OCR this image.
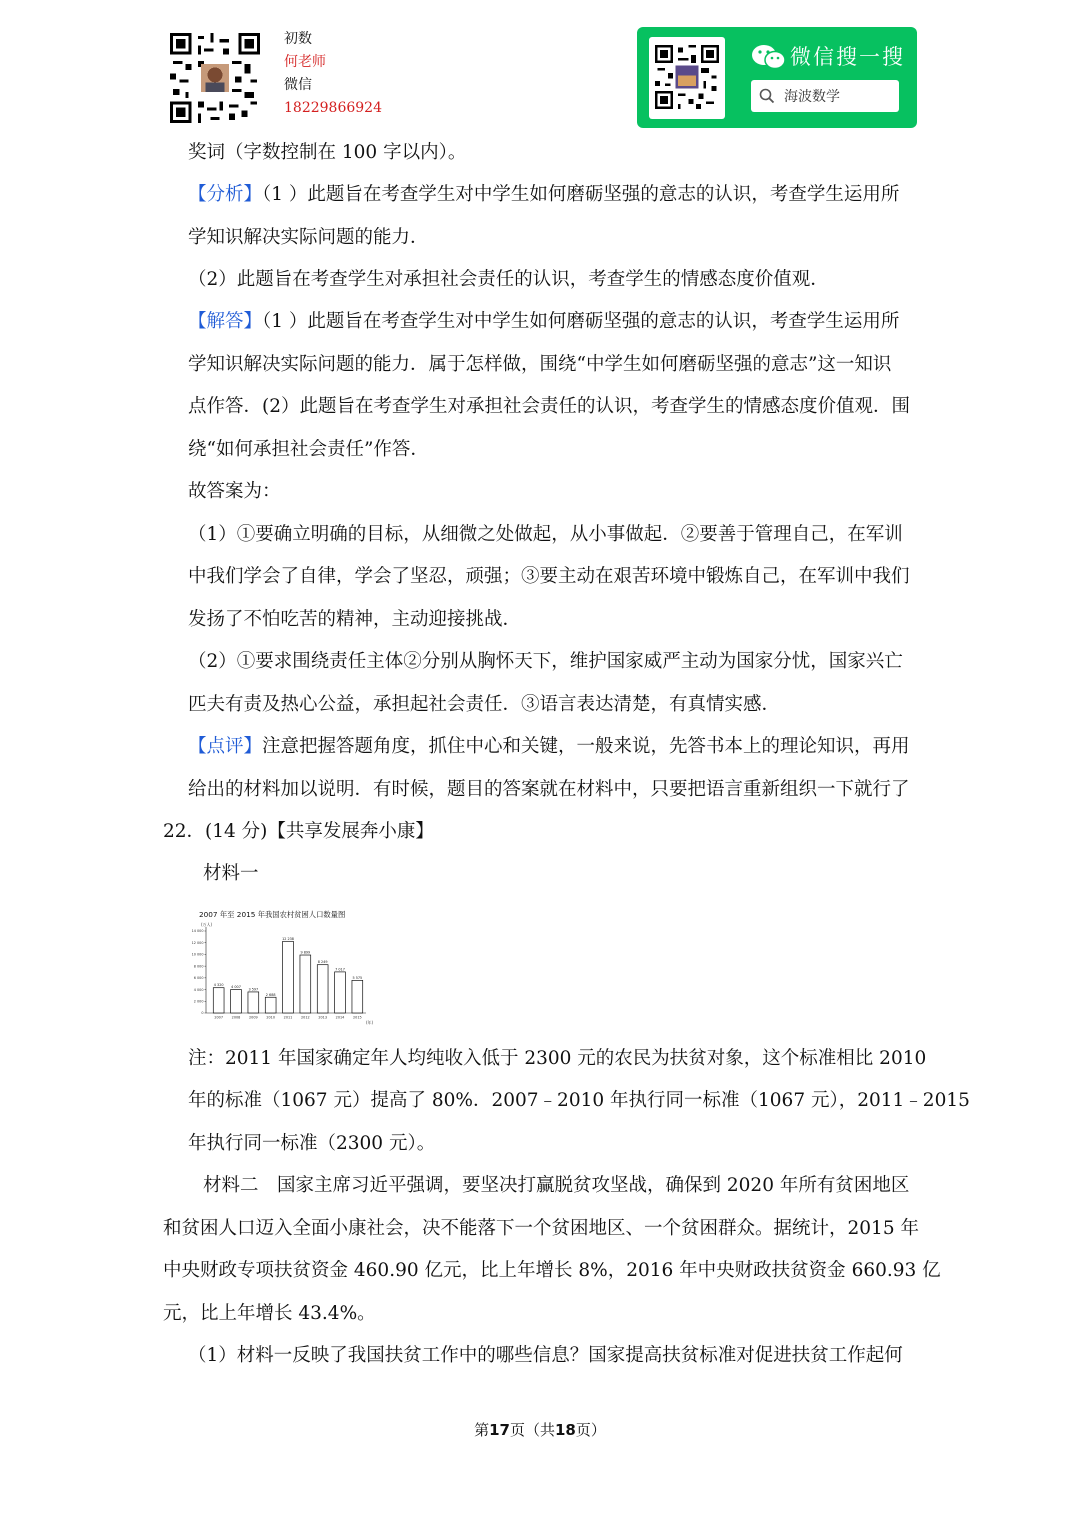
初数
何老师
微信
18229866924
微信搜一搜
海波数学
奖词（字数控制在 100 字以内）。
【分析】（1 ）此题旨在考查学生对中学生如何磨砺坚强的意志的认识，考查学生运用所
学知识解决实际问题的能力．
（2）此题旨在考查学生对承担社会责任的认识，考查学生的情感态度价值观．
【解答】（1 ）此题旨在考查学生对中学生如何磨砺坚强的意志的认识，考查学生运用所
学知识解决实际问题的能力．属于怎样做，围绕“中学生如何磨砺坚强的意志”这一知识
点作答．(2）此题旨在考查学生对承担社会责任的认识，考查学生的情感态度价值观．围
绕“如何承担社会责任”作答．
故答案为：
（1）①要确立明确的目标，从细微之处做起，从小事做起．②要善于管理自己，在军训
中我们学会了自律，学会了坚忍，顽强；③要主动在艰苦环境中锻炼自己，在军训中我们
发扬了不怕吃苦的精神，主动迎接挑战．
（2）①要求围绕责任主体②分别从胸怀天下，维护国家威严主动为国家分忧，国家兴亡
匹夫有责及热心公益，承担起社会责任．③语言表达清楚，有真情实感．
【点评】注意把握答题角度，抓住中心和关键，一般来说，先答书本上的理论知识，再用
给出的材料加以说明．有时候，题目的答案就在材料中，只要把语言重新组织一下就行了
22．(14 分)【共享发展奔小康】
材料一
2007 年至 2015 年我国农村贫困人口数量图
(万人)
(年)
0
2 000
4 000
6 000
8 000
10 000
12 000
14 000
4 320
2007
4 007
2008
3 597
2009
2 688
2010
12 238
2011
9 899
2012
8 249
2013
7 017
2014
5 575
2015
注：2011 年国家确定年人均纯收入低于 2300 元的农民为扶贫对象，这个标准相比 2010
年的标准（1067 元）提高了 80%．2007﹣2010 年执行同一标准（1067 元），2011﹣2015
年执行同一标准（2300 元）。
材料二　国家主席习近平强调，要坚决打赢脱贫攻坚战，确保到 2020 年所有贫困地区
和贫困人口迈入全面小康社会，决不能落下一个贫困地区、一个贫困群众。据统计，2015 年
中央财政专项扶贫资金 460.90 亿元，比上年增长 8%，2016 年中央财政扶贫资金 660.93 亿
元，比上年增长 43.4%。
（1）材料一反映了我国扶贫工作中的哪些信息？国家提高扶贫标准对促进扶贫工作起何
第17页（共18页）
